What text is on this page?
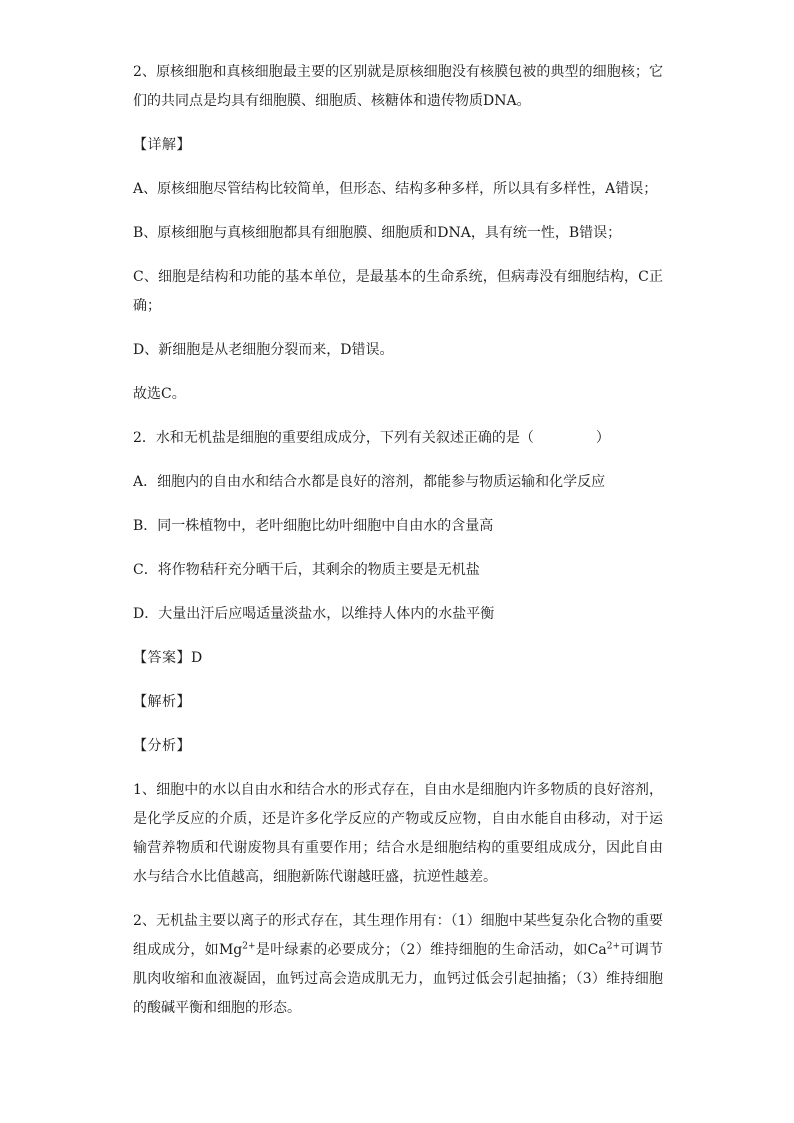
2、原核细胞和真核细胞最主要的区别就是原核细胞没有核膜包被的典型的细胞核；它们的共同点是均具有细胞膜、细胞质、核糖体和遗传物质DNA。

【详解】

A、原核细胞尽管结构比较简单，但形态、结构多种多样，所以具有多样性，A错误；

B、原核细胞与真核细胞都具有细胞膜、细胞质和DNA，具有统一性，B错误；

C、细胞是结构和功能的基本单位，是最基本的生命系统，但病毒没有细胞结构，C正确；

D、新细胞是从老细胞分裂而来，D错误。

故选C。

2．水和无机盐是细胞的重要组成成分，下列有关叙述正确的是（	）

A．细胞内的自由水和结合水都是良好的溶剂，都能参与物质运输和化学反应

B．同一株植物中，老叶细胞比幼叶细胞中自由水的含量高

C．将作物秸秆充分晒干后，其剩余的物质主要是无机盐

D．大量出汗后应喝适量淡盐水，以维持人体内的水盐平衡

【答案】D

【解析】

【分析】

1、细胞中的水以自由水和结合水的形式存在，自由水是细胞内许多物质的良好溶剂，是化学反应的介质，还是许多化学反应的产物或反应物，自由水能自由移动，对于运输营养物质和代谢废物具有重要作用；结合水是细胞结构的重要组成成分，因此自由水与结合水比值越高，细胞新陈代谢越旺盛，抗逆性越差。

2、无机盐主要以离子的形式存在，其生理作用有：（1）细胞中某些复杂化合物的重要组成成分，如$Mg^{2+}$是叶绿素的必要成分；（2）维持细胞的生命活动，如$Ca^{2+}$可调节肌肉收缩和血液凝固，血钙过高会造成肌无力，血钙过低会引起抽搐；（3）维持细胞的酸碱平衡和细胞的形态。
